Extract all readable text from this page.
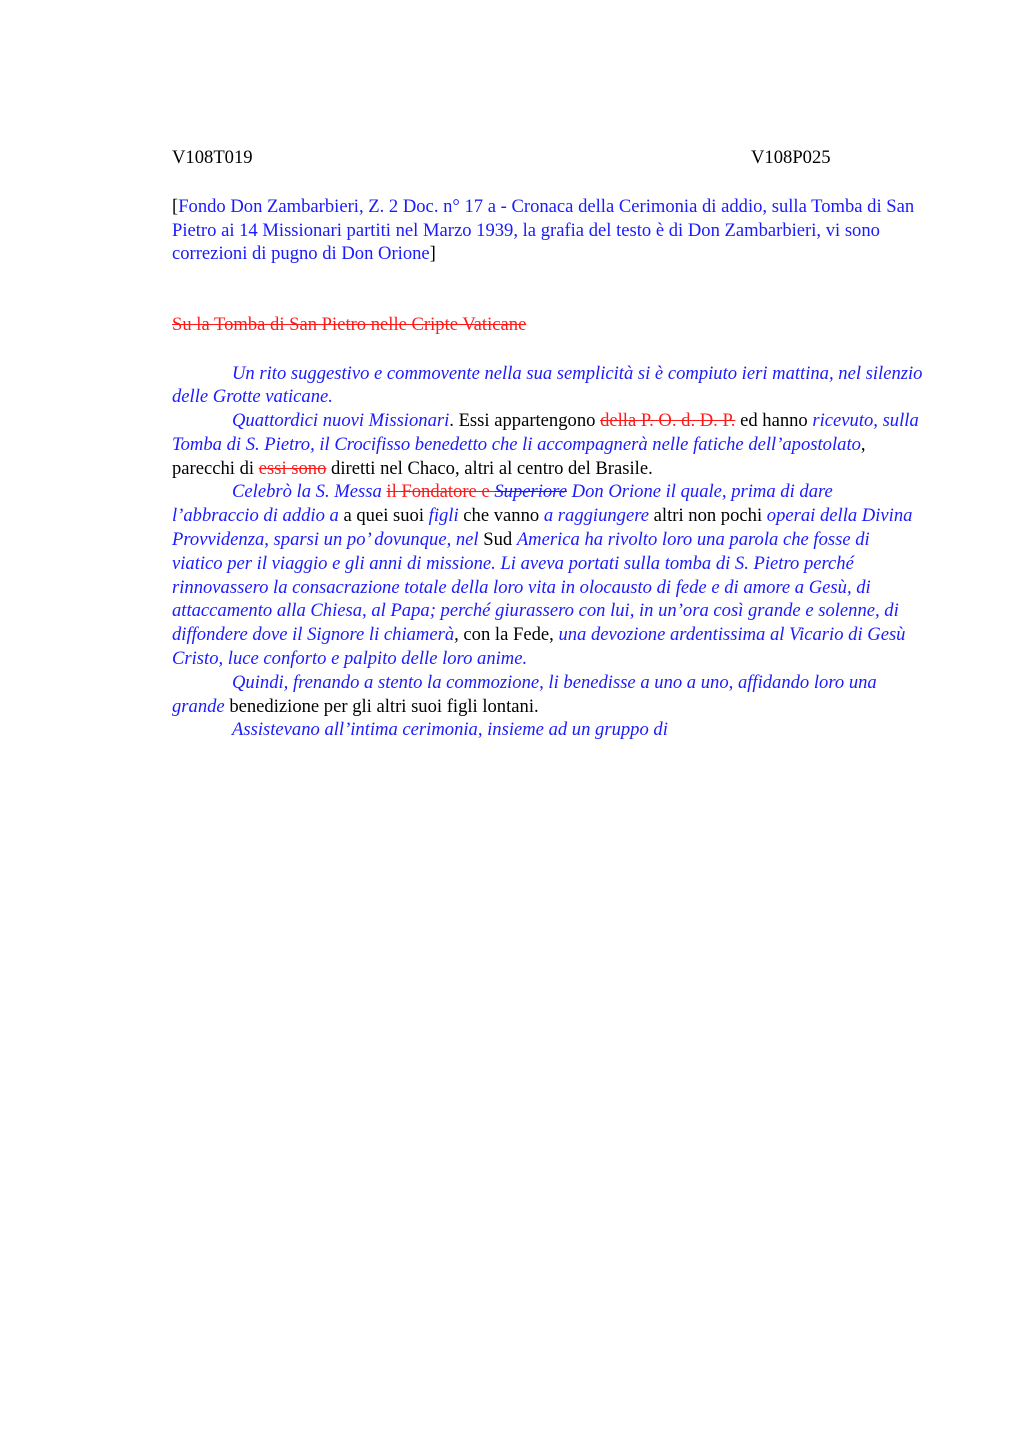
V108T019	V108P025
[Fondo Don Zambarbieri, Z. 2 Doc. n° 17 a - Cronaca della Cerimonia di addio, sulla Tomba di San Pietro ai 14 Missionari partiti nel Marzo 1939, la grafia del testo è di Don Zambarbieri, vi sono correzioni di pugno di Don Orione]
Su la Tomba di San Pietro nelle Cripte Vaticane

Un rito suggestivo e commovente nella sua semplicità si è compiuto ieri mattina, nel silenzio delle Grotte vaticane.

Quattordici nuovi Missionari. Essi appartengono della P. O. d. D. P. ed hanno ricevuto, sulla Tomba di S. Pietro, il Crocifisso benedetto che li accompagnerà nelle fatiche dell’apostolato, parecchi di essi sono diretti nel Chaco, altri al centro del Brasile.

Celebrò la S. Messa il Fondatore e Superiore Don Orione il quale, prima di dare l’abbraccio di addio a a quei suoi figli che vanno a raggiungere altri non pochi operai della Divina Provvidenza, sparsi un po’ dovunque, nel Sud America ha rivolto loro una parola che fosse di viatico per il viaggio e gli anni di missione. Li aveva portati sulla tomba di S. Pietro perché rinnovassero la consacrazione totale della loro vita in olocausto di fede e di amore a Gesù, di attaccamento alla Chiesa, al Papa; perché giurassero con lui, in un’ora così grande e solenne, di diffondere dove il Signore li chiamerà, con la Fede, una devozione ardentissima al Vicario di Gesù Cristo, luce conforto e palpito delle loro anime.

Quindi, frenando a stento la commozione, li benedisse a uno a uno, affidando loro una grande benedizione per gli altri suoi figli lontani.

Assistevano all’intima cerimonia, insieme ad un gruppo di
